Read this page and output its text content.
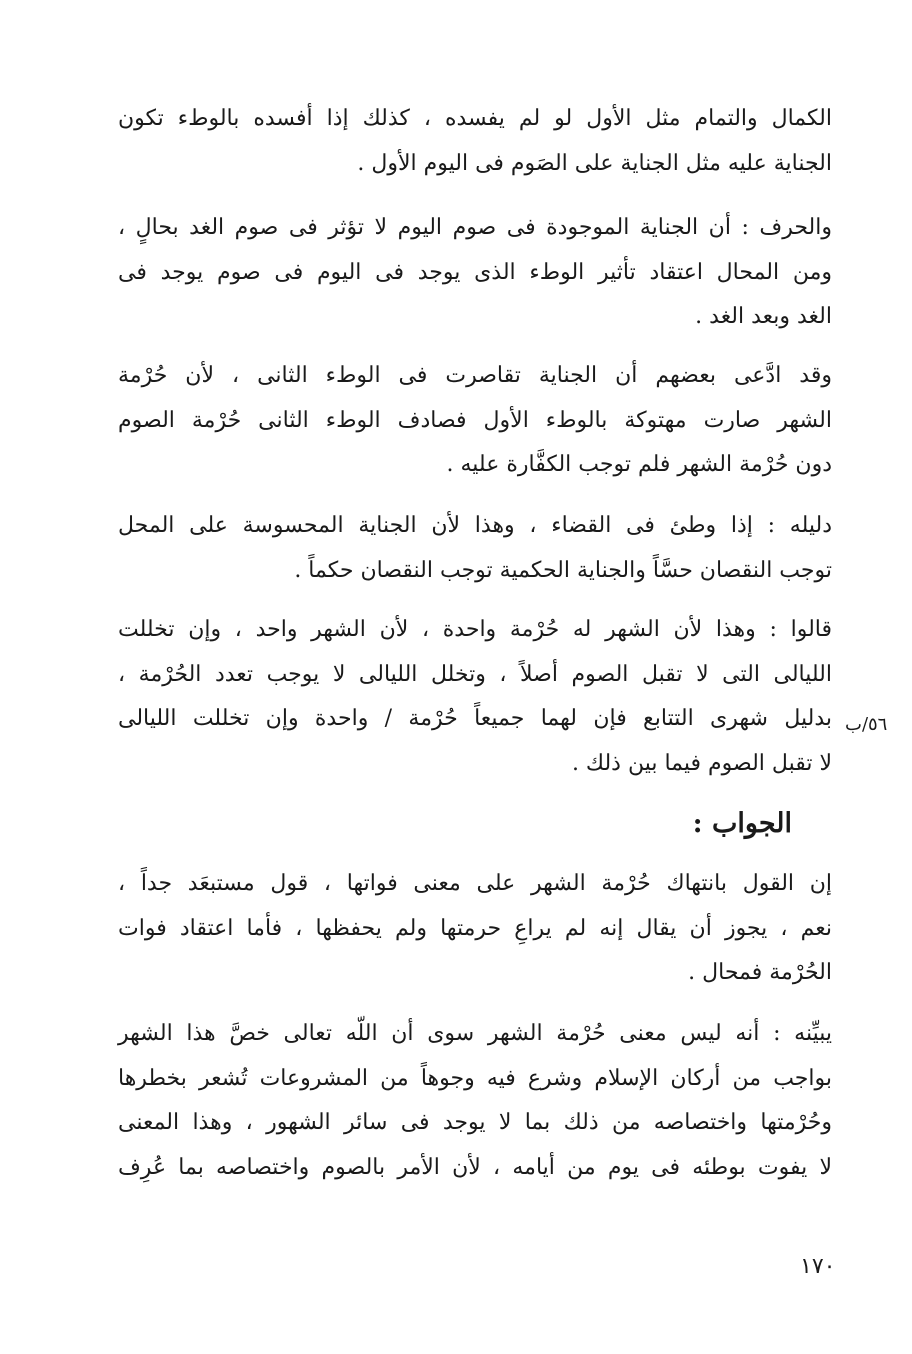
الكمال والتمام مثل الأول لو لم يفسده ، كذلك إذا أفسده بالوطء تكون
الجناية عليه مثل الجناية على الصَوم فى اليوم الأول .
والحرف : أن الجناية الموجودة فى صوم اليوم لا تؤثر فى صوم الغد بحالٍ ،
ومن المحال اعتقاد تأثير الوطء الذى يوجد فى اليوم فى صوم يوجد فى
الغد وبعد الغد .
وقد ادَّعى بعضهم أن الجناية تقاصرت فى الوطء الثانى ، لأن حُرْمة
الشهر صارت مهتوكة بالوطء الأول فصادف الوطء الثانى حُرْمة الصوم
دون حُرْمة الشهر فلم توجب الكفَّارة عليه .
دليله : إذا وطئ فى القضاء ، وهذا لأن الجناية المحسوسة على المحل
توجب النقصان حسَّاً والجناية الحكمية توجب النقصان حكماً .
قالوا : وهذا لأن الشهر له حُرْمة واحدة ، لأن الشهر واحد ، وإن تخللت
الليالى التى لا تقبل الصوم أصلاً ، وتخلل الليالى لا يوجب تعدد الحُرْمة ،
بدليل شهرى التتابع فإن لهما جميعاً حُرْمة / واحدة وإن تخللت الليالى
لا تقبل الصوم فيما بين ذلك .
٥٦/ب
الجواب :
إن القول بانتهاك حُرْمة الشهر على معنى فواتها ، قول مستبعَد جداً ،
نعم ، يجوز أن يقال إنه لم يراعِ حرمتها ولم يحفظها ، فأما اعتقاد فوات
الحُرْمة فمحال .
يبيِّنه : أنه ليس معنى حُرْمة الشهر سوى أن اللّه تعالى خصَّ هذا الشهر
بواجب من أركان الإسلام وشرع فيه وجوهاً من المشروعات تُشعر بخطرها
وحُرْمتها واختصاصه من ذلك بما لا يوجد فى سائر الشهور ، وهذا المعنى
لا يفوت بوطئه فى يوم من أيامه ، لأن الأمر بالصوم واختصاصه بما عُرِف
١٧٠
